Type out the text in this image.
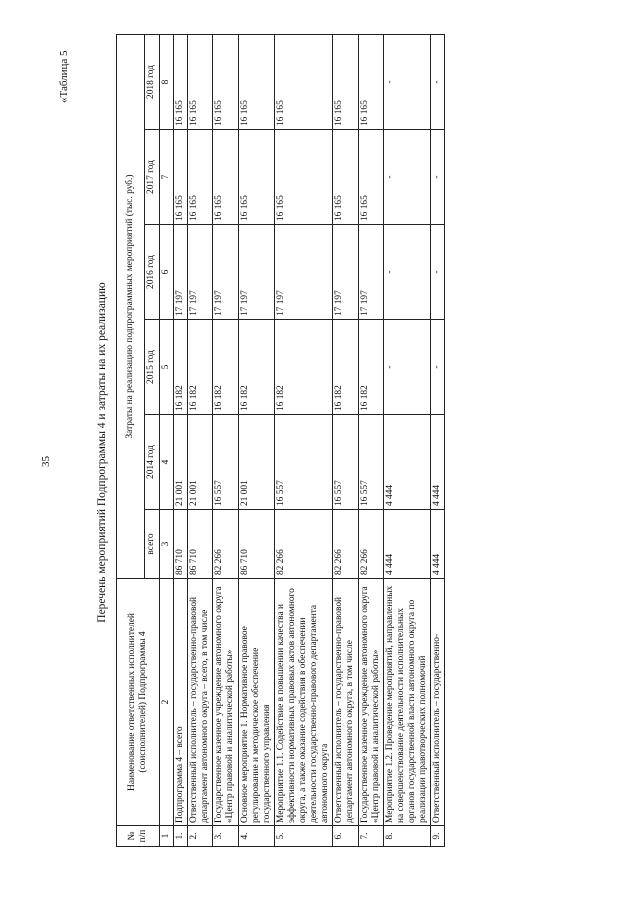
35
«Таблица 5
Перечень мероприятий Подпрограммы 4 и затраты на их реализацию
№ п/п	Наименование ответственных исполнителей (соисполнителей) Подпрограммы 4	Затраты на реализацию подпрограммных мероприятий (тыс. руб.)					
		всего	2014 год	2015 год	2016 год	2017 год	2018 год
1	2	3	4	5	6	7	8
1.	Подпрограмма 4 – всего	86 710	21 001	16 182	17 197	16 165	16 165
2.	Ответственный исполнитель – государственно-правовой департамент автономного округа – всего, в том числе	86 710	21 001	16 182	17 197	16 165	16 165
3.	Государственное казенное учреждение автономного округа «Центр правовой и аналитической работы»	82 266	16 557	16 182	17 197	16 165	16 165
4.	Основное мероприятие 1. Нормативное правовое регулирование и методическое обеспечение государственного управления	86 710	21 001	16 182	17 197	16 165	16 165
5.	Мероприятие 1.1. Содействие в повышении качества и эффективности нормативных правовых актов автономного округа, а также оказание содействия в обеспечении деятельности государственно-правового департамента автономного округа	82 266	16 557	16 182	17 197	16 165	16 165
6.	Ответственный исполнитель – государственно-правовой департамент автономного округа, в том числе	82 266	16 557	16 182	17 197	16 165	16 165
7.	Государственное казенное учреждение автономного округа «Центр правовой и аналитической работы»	82 266	16 557	16 182	17 197	16 165	16 165
8.	Мероприятие 1.2. Проведение мероприятий, направленных на совершенствование деятельности исполнительных органов государственной власти автономного округа по реализации правотворческих полномочий	4 444	4 444	-	-	-	-
9.	Ответственный исполнитель – государственно-	4 444	4 444	-	-	-	-
